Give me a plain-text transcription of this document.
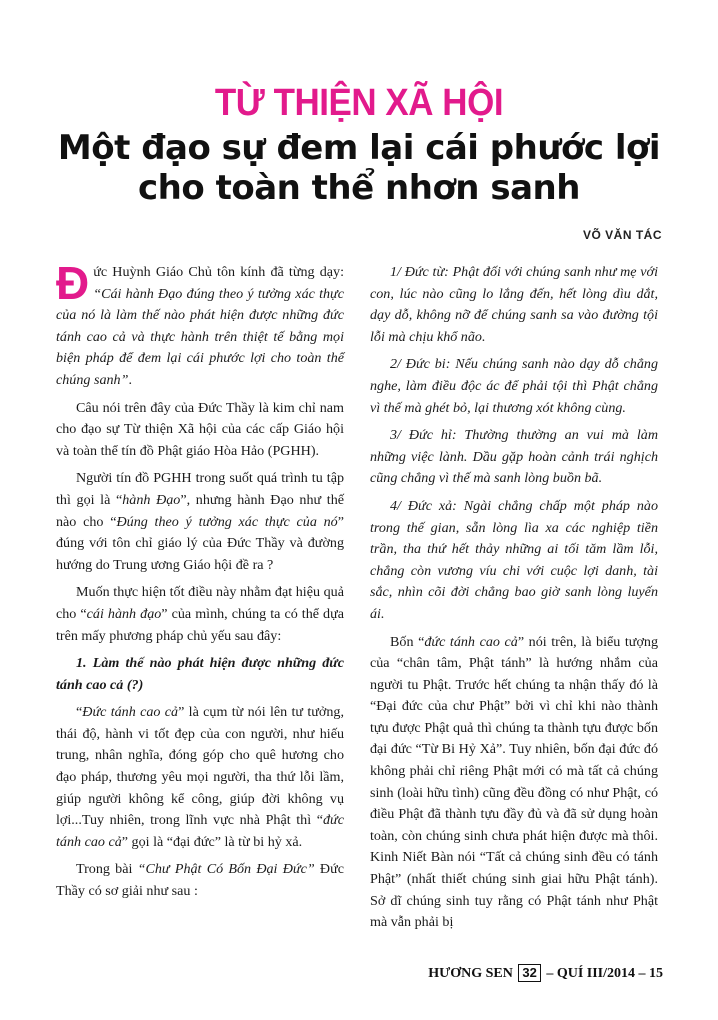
TỪ THIỆN XÃ HỘI
Một đạo sự đem lại cái phước lợi
cho toàn thể nhơn sanh
VÕ VĂN TÁC

Đức Huỳnh Giáo Chủ tôn kính đã từng dạy: “Cái hành Đạo đúng theo ý tưởng xác thực của nó là làm thế nào phát hiện được những đức tánh cao cả và thực hành trên thiệt tế bằng mọi biện pháp để đem lại cái phước lợi cho toàn thể chúng sanh”.

Câu nói trên đây của Đức Thầy là kim chỉ nam cho đạo sự Từ thiện Xã hội của các cấp Giáo hội và toàn thể tín đồ Phật giáo Hòa Hảo (PGHH).

Người tín đồ PGHH trong suốt quá trình tu tập thì gọi là “hành Đạo”, nhưng hành Đạo như thế nào cho “Đúng theo ý tưởng xác thực của nó” đúng với tôn chỉ giáo lý của Đức Thầy và đường hướng do Trung ương Giáo hội đề ra ?

Muốn thực hiện tốt điều này nhằm đạt hiệu quả cho “cái hành đạo” của mình, chúng ta có thể dựa trên mấy phương pháp chủ yếu sau đây:

1. Làm thế nào phát hiện được những đức tánh cao cả (?)

“Đức tánh cao cả” là cụm từ nói lên tư tưởng, thái độ, hành vi tốt đẹp của con người, như hiếu trung, nhân nghĩa, đóng góp cho quê hương cho đạo pháp, thương yêu mọi người, tha thứ lỗi lầm, giúp người không kể công, giúp đời không vụ lợi...Tuy nhiên, trong lĩnh vực nhà Phật thì “đức tánh cao cả” gọi là “đại đức” là từ bi hỷ xả.

Trong bài “Chư Phật Có Bốn Đại Đức” Đức Thầy có sơ giải như sau :

1/ Đức từ: Phật đối với chúng sanh như mẹ với con, lúc nào cũng lo lắng đến, hết lòng dìu dắt, dạy dỗ, không nỡ để chúng sanh sa vào đường tội lỗi mà chịu khổ não.

2/ Đức bi: Nếu chúng sanh nào dạy dỗ chẳng nghe, làm điều độc ác để phải tội thì Phật chẳng vì thế mà ghét bỏ, lại thương xót không cùng.

3/ Đức hỉ: Thường thường an vui mà làm những việc lành. Dầu gặp hoàn cảnh trái nghịch cũng chẳng vì thế mà sanh lòng buồn bã.

4/ Đức xả: Ngài chẳng chấp một pháp nào trong thế gian, sẵn lòng lìa xa các nghiệp tiền trần, tha thứ hết thảy những ai tối tăm lầm lỗi, chẳng còn vương víu chi với cuộc lợi danh, tài sắc, nhìn cõi đời chẳng bao giờ sanh lòng luyến ái.

Bốn “đức tánh cao cả” nói trên, là biểu tượng của “chân tâm, Phật tánh” là hướng nhắm của người tu Phật. Trước hết chúng ta nhận thấy đó là “Đại đức của chư Phật” bởi vì chỉ khi nào thành tựu được Phật quả thì chúng ta thành tựu được bốn đại đức “Từ Bi Hỷ Xả”. Tuy nhiên, bốn đại đức đó không phải chỉ riêng Phật mới có mà tất cả chúng sinh (loài hữu tình) cũng đều đồng có như Phật, có điều Phật đã thành tựu đầy đủ và đã sử dụng hoàn toàn, còn chúng sinh chưa phát hiện được mà thôi. Kinh Niết Bàn nói “Tất cả chúng sinh đều có tánh Phật” (nhất thiết chúng sinh giai hữu Phật tánh). Sở dĩ chúng sinh tuy rằng có Phật tánh như Phật mà vẫn phải bị

HƯƠNG SEN 32 – QUÍ III/2014 – 15
